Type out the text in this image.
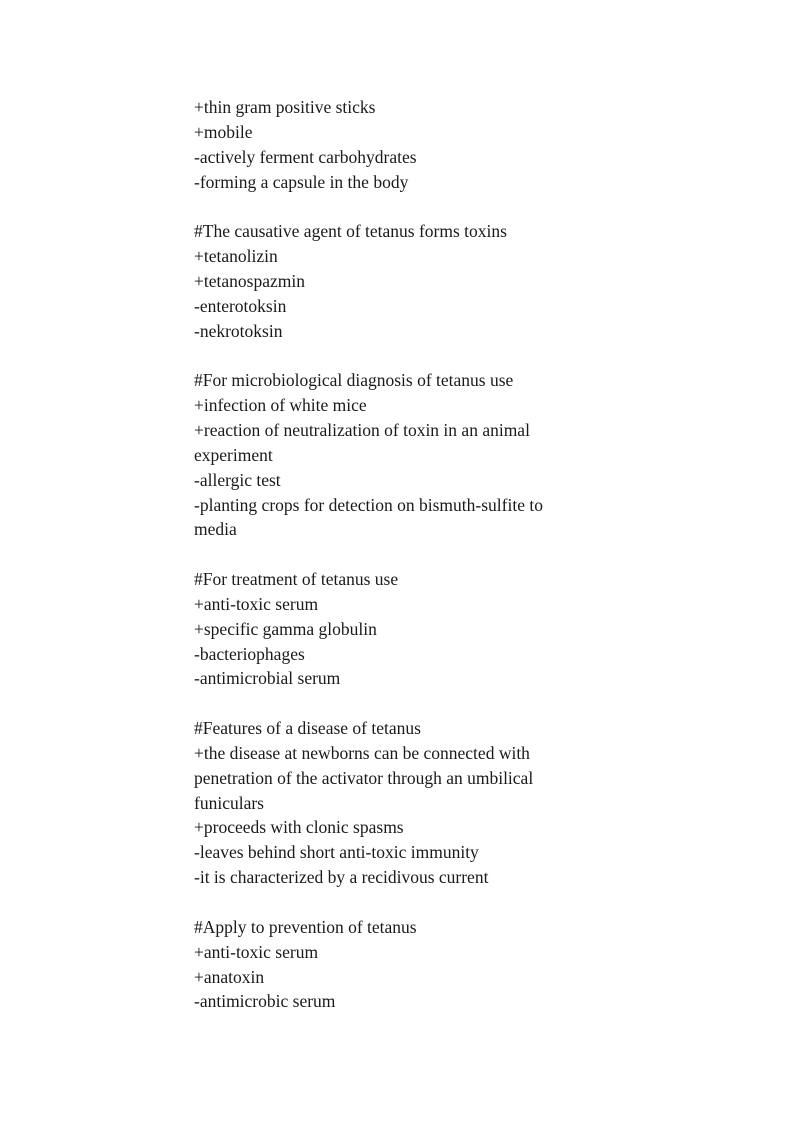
+thin gram positive sticks
+mobile
-actively ferment carbohydrates
-forming a capsule in the body
#The causative agent of tetanus forms toxins
+tetanolizin
+tetanospazmin
-enterotoksin
-nekrotoksin
#For microbiological diagnosis of tetanus use
+infection of white mice
+reaction of neutralization of toxin in an animal
experiment
-allergic test
-planting crops for detection on bismuth-sulfite to
media
#For treatment of tetanus use
+anti-toxic serum
+specific gamma globulin
-bacteriophages
-antimicrobial serum
#Features of a disease of tetanus
+the disease at newborns can be connected with
penetration of the activator through an umbilical
funiculars
+proceeds with clonic spasms
-leaves behind short anti-toxic immunity
-it is characterized by a recidivous current
#Apply to prevention of tetanus
+anti-toxic serum
+anatoxin
-antimicrobic serum
